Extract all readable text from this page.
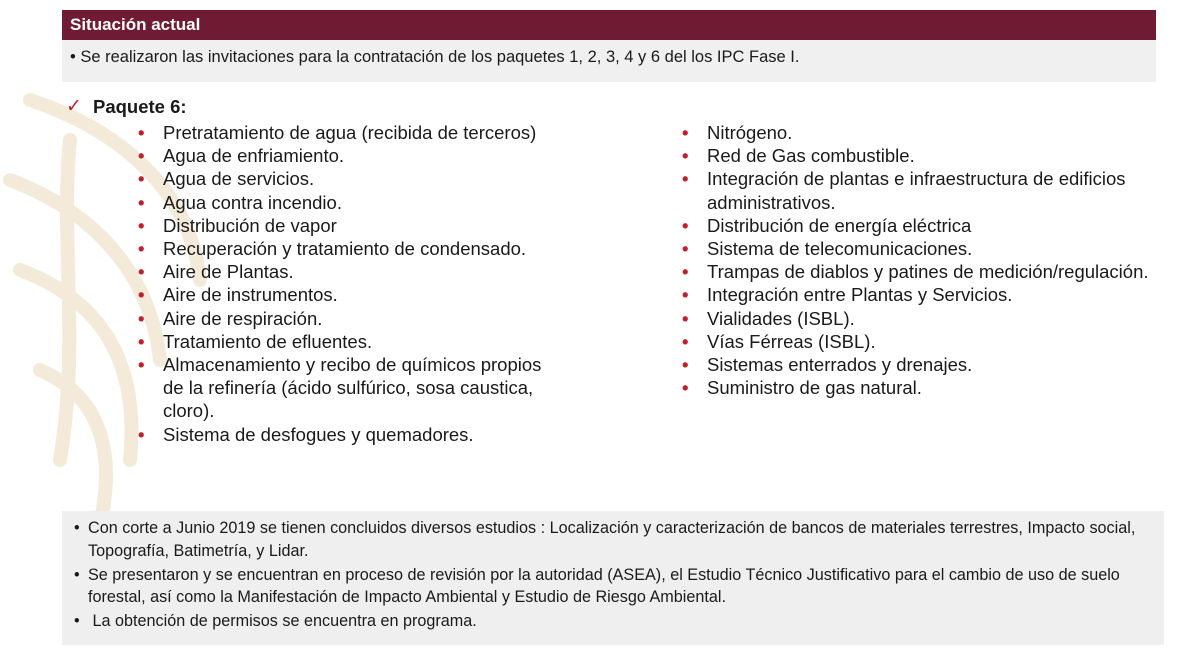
Situación actual
• Se realizaron las invitaciones para la contratación de los paquetes 1, 2, 3, 4 y 6 del los IPC Fase I.
✓ Paquete 6:
• Pretratamiento de agua (recibida de terceros)
• Agua de enfriamiento.
• Agua de servicios.
• Agua contra incendio.
• Distribución de vapor
• Recuperación y tratamiento de condensado.
• Aire de Plantas.
• Aire de instrumentos.
• Aire de respiración.
• Tratamiento de efluentes.
• Almacenamiento y recibo de químicos propios de la refinería (ácido sulfúrico, sosa caustica, cloro).
• Sistema de desfogues y quemadores.
• Nitrógeno.
• Red de Gas combustible.
• Integración de plantas e infraestructura de edificios administrativos.
• Distribución de energía eléctrica
• Sistema de telecomunicaciones.
• Trampas de diablos y patines de medición/regulación.
• Integración entre Plantas y Servicios.
• Vialidades (ISBL).
• Vías Férreas (ISBL).
• Sistemas enterrados y drenajes.
• Suministro de gas natural.

• Con corte a Junio 2019 se tienen concluidos diversos estudios : Localización y caracterización de bancos de materiales terrestres, Impacto social, Topografía, Batimetría, y Lidar.

• Se presentaron y se encuentran en proceso de revisión por la autoridad (ASEA), el Estudio Técnico Justificativo para el cambio de uso de suelo forestal, así como la Manifestación de Impacto Ambiental y Estudio de Riesgo Ambiental.

• La obtención de permisos se encuentra en programa.
